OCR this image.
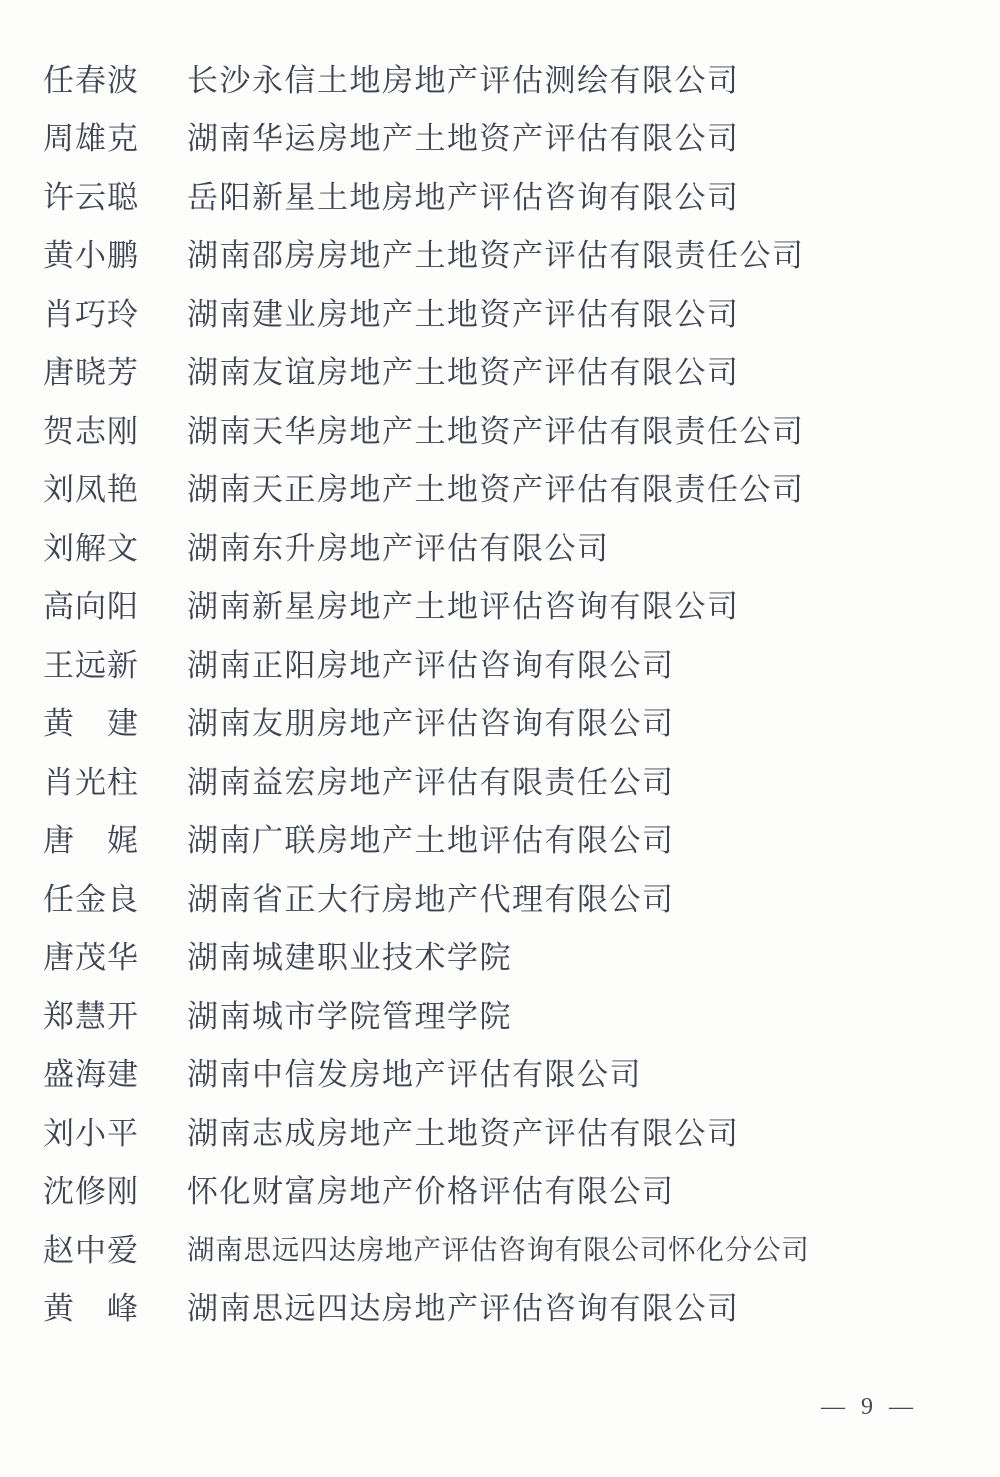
任春波	长沙永信土地房地产评估测绘有限公司
周雄克	湖南华运房地产土地资产评估有限公司
许云聪	岳阳新星土地房地产评估咨询有限公司
黄小鹏	湖南邵房房地产土地资产评估有限责任公司
肖巧玲	湖南建业房地产土地资产评估有限公司
唐晓芳	湖南友谊房地产土地资产评估有限公司
贺志刚	湖南天华房地产土地资产评估有限责任公司
刘凤艳	湖南天正房地产土地资产评估有限责任公司
刘解文	湖南东升房地产评估有限公司
高向阳	湖南新星房地产土地评估咨询有限公司
王远新	湖南正阳房地产评估咨询有限公司
黄　建	湖南友朋房地产评估咨询有限公司
肖光柱	湖南益宏房地产评估有限责任公司
唐　娓	湖南广联房地产土地评估有限公司
任金良	湖南省正大行房地产代理有限公司
唐茂华	湖南城建职业技术学院
郑慧开	湖南城市学院管理学院
盛海建	湖南中信发房地产评估有限公司
刘小平	湖南志成房地产土地资产评估有限公司
沈修刚	怀化财富房地产价格评估有限公司
赵中爱	湖南思远四达房地产评估咨询有限公司怀化分公司
黄　峰	湖南思远四达房地产评估咨询有限公司
— 9 —
